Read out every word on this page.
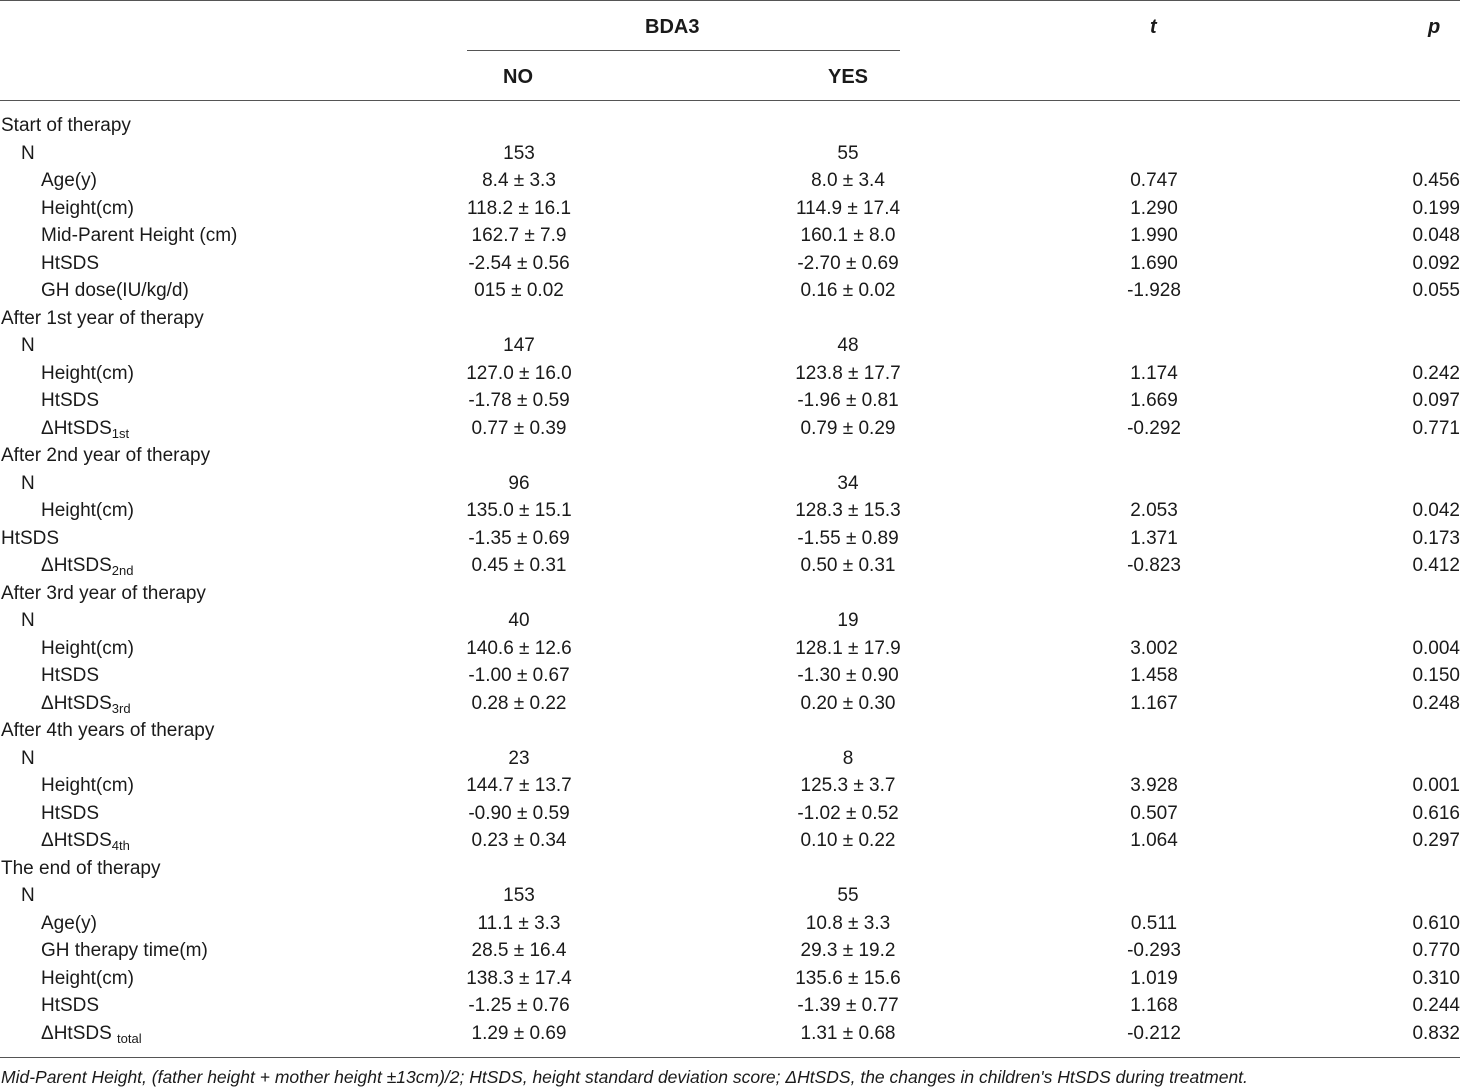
BDA3	t	p
NO	YES
Start of therapy				
N	153	55		
Age(y)	8.4 ± 3.3	8.0 ± 3.4	0.747	0.456
Height(cm)	118.2 ± 16.1	114.9 ± 17.4	1.290	0.199
Mid-Parent Height (cm)	162.7 ± 7.9	160.1 ± 8.0	1.990	0.048
HtSDS	-2.54 ± 0.56	-2.70 ± 0.69	1.690	0.092
GH dose(IU/kg/d)	015 ± 0.02	0.16 ± 0.02	-1.928	0.055
After 1st year of therapy				
N	147	48		
Height(cm)	127.0 ± 16.0	123.8 ± 17.7	1.174	0.242
HtSDS	-1.78 ± 0.59	-1.96 ± 0.81	1.669	0.097
ΔHtSDS$_{1st}$	0.77 ± 0.39	0.79 ± 0.29	-0.292	0.771
After 2nd year of therapy				
N	96	34		
Height(cm)	135.0 ± 15.1	128.3 ± 15.3	2.053	0.042
HtSDS	-1.35 ± 0.69	-1.55 ± 0.89	1.371	0.173
ΔHtSDS$_{2nd}$	0.45 ± 0.31	0.50 ± 0.31	-0.823	0.412
After 3rd year of therapy				
N	40	19		
Height(cm)	140.6 ± 12.6	128.1 ± 17.9	3.002	0.004
HtSDS	-1.00 ± 0.67	-1.30 ± 0.90	1.458	0.150
ΔHtSDS$_{3rd}$	0.28 ± 0.22	0.20 ± 0.30	1.167	0.248
After 4th years of therapy				
N	23	8		
Height(cm)	144.7 ± 13.7	125.3 ± 3.7	3.928	0.001
HtSDS	-0.90 ± 0.59	-1.02 ± 0.52	0.507	0.616
ΔHtSDS$_{4th}$	0.23 ± 0.34	0.10 ± 0.22	1.064	0.297
The end of therapy				
N	153	55		
Age(y)	11.1 ± 3.3	10.8 ± 3.3	0.511	0.610
GH therapy time(m)	28.5 ± 16.4	29.3 ± 19.2	-0.293	0.770
Height(cm)	138.3 ± 17.4	135.6 ± 15.6	1.019	0.310
HtSDS	-1.25 ± 0.76	-1.39 ± 0.77	1.168	0.244
ΔHtSDS $_{total}$	1.29 ± 0.69	1.31 ± 0.68	-0.212	0.832
Mid-Parent Height, (father height + mother height ±13cm)/2; HtSDS, height standard deviation score; ΔHtSDS, the changes in children's HtSDS during treatment.
